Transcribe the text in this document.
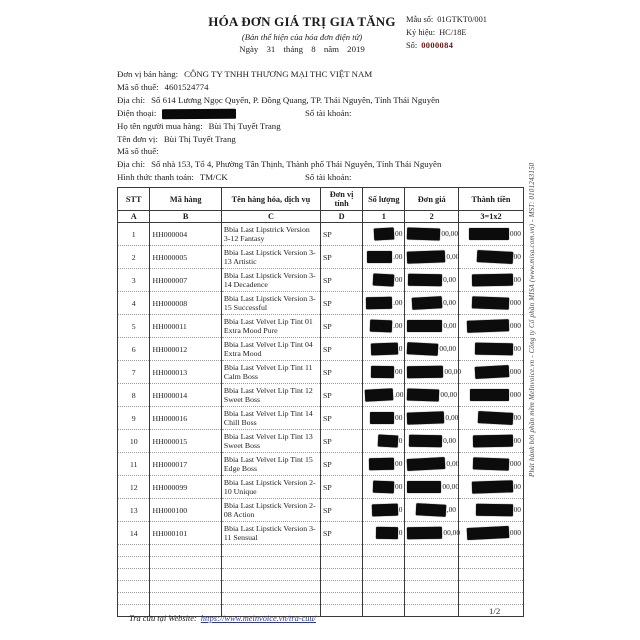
HÓA ĐƠN GIÁ TRỊ GIA TĂNG
(Bản thể hiện của hóa đơn điện tử)
Ngày 31 tháng 8 năm 2019
Mẫu số: 01GTKT0/001
Ký hiệu: HC/18E
Số: 0000084
Đơn vị bán hàng: CÔNG TY TNHH THƯƠNG MẠI THC VIỆT NAM
Mã số thuế: 4601524774
Địa chỉ: Số 614 Lương Ngọc Quyến, P. Đồng Quang, TP. Thái Nguyên, Tỉnh Thái Nguyên
Điện thoại:	Số tài khoản:
Họ tên người mua hàng: Bùi Thị Tuyết Trang
Tên đơn vị: Bùi Thị Tuyết Trang
Mã số thuế:
Địa chỉ: Số nhà 153, Tổ 4, Phường Tân Thịnh, Thành phố Thái Nguyên, Tỉnh Thái Nguyên
Hình thức thanh toán: TM/CK	Số tài khoản:
STT	Mã hàng	Tên hàng hóa, dịch vụ	Đơn vị tính	Số lượng	Đơn giá	Thành tiền
A	B	C	D	1	2	3=1x2
1	HH000004	Bbia Last Lipstrick Version 3-12 Fantasy	SP	00	00,00	000
2	HH000005	Bbia Last Lipstick Version 3-13 Artistic	SP	.00	0,00	00
3	HH000007	Bbia Last Lipstick Version 3-14 Decadence	SP	00	0,00	00
4	HH000008	Bbia Last Lipstick Version 3-15 Successful	SP	.00	0,00	000
5	HH000011	Bbia Last Velvet Lip Tint 01 Extra Mood Pure	SP	.00	0,00	000
6	HH000012	Bbia Last Velvet Lip Tint 04 Extra Mood	SP	0	00,00	00
7	HH000013	Bbia Last Velvet Lip Tint 11 Calm Boss	SP	00	00,00	000
8	HH000014	Bbia Last Velvet Lip Tint 12 Sweet Boss	SP	.00	00,00	000
9	HH000016	Bbia Last Velvet Lip Tint 14 Chill Boss	SP	00	0,00	00
10	HH000015	Bbia Last Velvet Lip Tint 13 Sweet Boss	SP	0	0,00	00
11	HH000017	Bbia Last Velvet Lip Tint 15 Edge Boss	SP	00	0,00	000
12	HH000099	Bbia Last Lipstick Version 2-10 Unique	SP	00	00,00	00
13	HH000100	Bbia Last Lipstick Version 2-08 Action	SP	0	,00	00
14	HH000101	Bbia Last Lipstick Version 3-11 Sensual	SP	0	00,00	000

Phát hành bởi phần mềm MeInvoice.vn - Công ty Cổ phần MISA (www.misa.com.vn) - MST: 0101243150
Tra cứu tại Website: https://www.meinvoice.vn/tra-cuu/
1/2
